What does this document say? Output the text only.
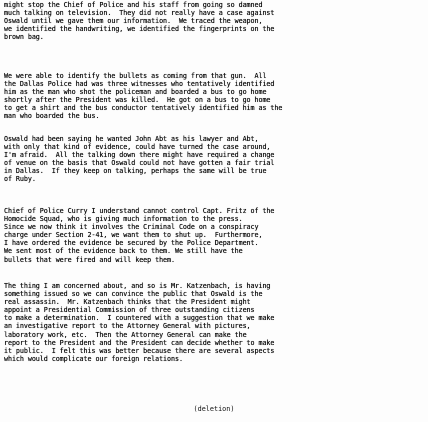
might stop the Chief of Police and his staff from going so damned
much talking on television.  They did not really have a case against
Oswald until we gave them our information.  We traced the weapon,
we identified the handwriting, we identified the fingerprints on the
brown bag.
We were able to identify the bullets as coming from that gun.  All
the Dallas Police had was three witnesses who tentatively identified
him as the man who shot the policeman and boarded a bus to go home
shortly after the President was killed.  He got on a bus to go home
to get a shirt and the bus conductor tentatively identified him as the
man who boarded the bus.
Oswald had been saying he wanted John Abt as his lawyer and Abt,
with only that kind of evidence, could have turned the case around,
I'm afraid.  All the talking down there might have required a change
of venue on the basis that Oswald could not have gotten a fair trial
in Dallas.  If they keep on talking, perhaps the same will be true
of Ruby.
Chief of Police Curry I understand cannot control Capt. Fritz of the
Homocide Squad, who is giving much information to the press.
Since we now think it involves the Criminal Code on a conspiracy
charge under Section 2-41, we want them to shut up.  Furthermore,
I have ordered the evidence be secured by the Police Department.
We sent most of the evidence back to them. We still have the
bullets that were fired and will keep them.
The thing I am concerned about, and so is Mr. Katzenbach, is having
something issued so we can convince the public that Oswald is the
real assassin.  Mr. Katzenbach thinks that the President might
appoint a Presidential Commission of three outstanding citizens
to make a determination.  I countered with a suggestion that we make
an investigative report to the Attorney General with pictures,
laboratory work, etc.  Then the Attorney General can make the
report to the President and the President can decide whether to make
it public.  I felt this was better because there are several aspects
which would complicate our foreign relations.
(deletion)
